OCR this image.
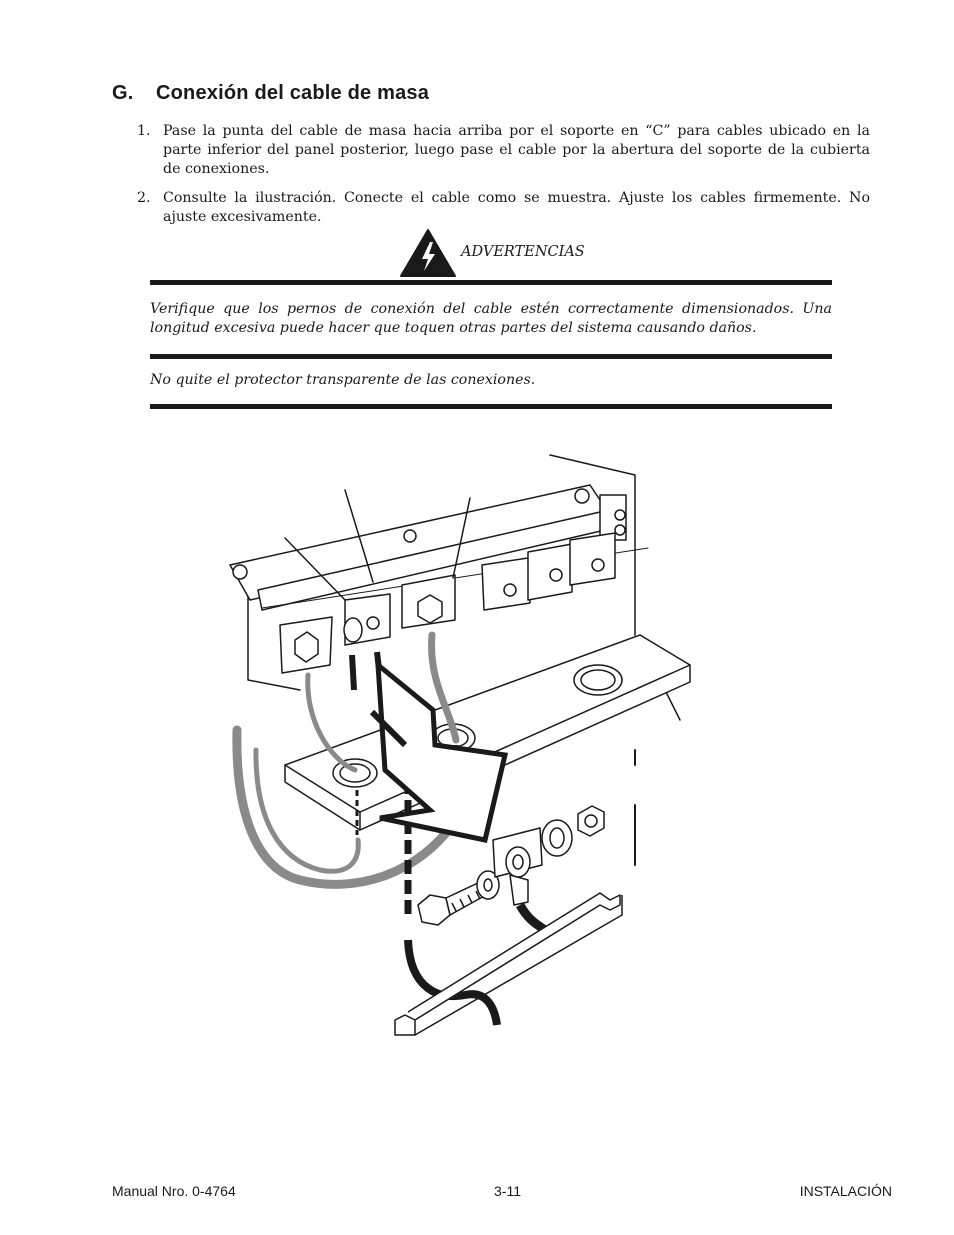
G. Conexión del cable de masa
1. Pase la punta del cable de masa hacia arriba por el soporte en “C” para cables ubicado en la parte inferior del panel posterior, luego pase el cable por la abertura del soporte de la cubierta de conexiones.
2. Consulte la ilustración. Conecte el cable como se muestra. Ajuste los cables firmemente. No ajuste excesivamente.
ADVERTENCIAS
Verifique que los pernos de conexión del cable estén correctamente dimensionados. Una longitud excesiva puede hacer que toquen otras partes del sistema causando daños.
No quite el protector transparente de las conexiones.
Manual Nro. 0-4764	3-11	INSTALACIÓN
